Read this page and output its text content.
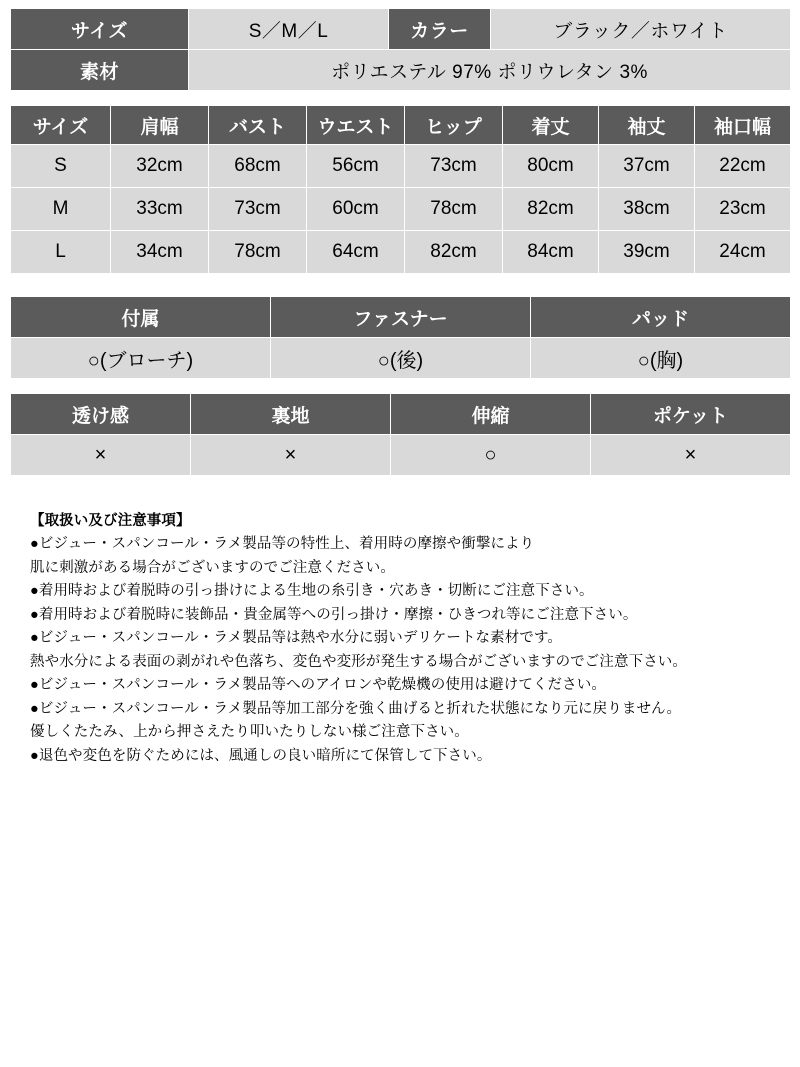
サイズ	S／M／L	カラー	ブラック／ホワイト
素材	ポリエステル 97% ポリウレタン 3%		
サイズ	肩幅	バスト	ウエスト	ヒップ	着丈	袖丈	袖口幅
S	32cm	68cm	56cm	73cm	80cm	37cm	22cm
M	33cm	73cm	60cm	78cm	82cm	38cm	23cm
L	34cm	78cm	64cm	82cm	84cm	39cm	24cm
付属	ファスナー	パッド
○(ブローチ)	○(後)	○(胸)
透け感	裏地	伸縮	ポケット
×	×	○	×

【取扱い及び注意事項】

●ビジュー・スパンコール・ラメ製品等の特性上、着用時の摩擦や衝撃により

肌に刺激がある場合がございますのでご注意ください。

●着用時および着脱時の引っ掛けによる生地の糸引き・穴あき・切断にご注意下さい。

●着用時および着脱時に装飾品・貴金属等への引っ掛け・摩擦・ひきつれ等にご注意下さい。

●ビジュー・スパンコール・ラメ製品等は熱や水分に弱いデリケートな素材です。

熱や水分による表面の剥がれや色落ち、変色や変形が発生する場合がございますのでご注意下さい。

●ビジュー・スパンコール・ラメ製品等へのアイロンや乾燥機の使用は避けてください。

●ビジュー・スパンコール・ラメ製品等加工部分を強く曲げると折れた状態になり元に戻りません。

優しくたたみ、上から押さえたり叩いたりしない様ご注意下さい。

●退色や変色を防ぐためには、風通しの良い暗所にて保管して下さい。
